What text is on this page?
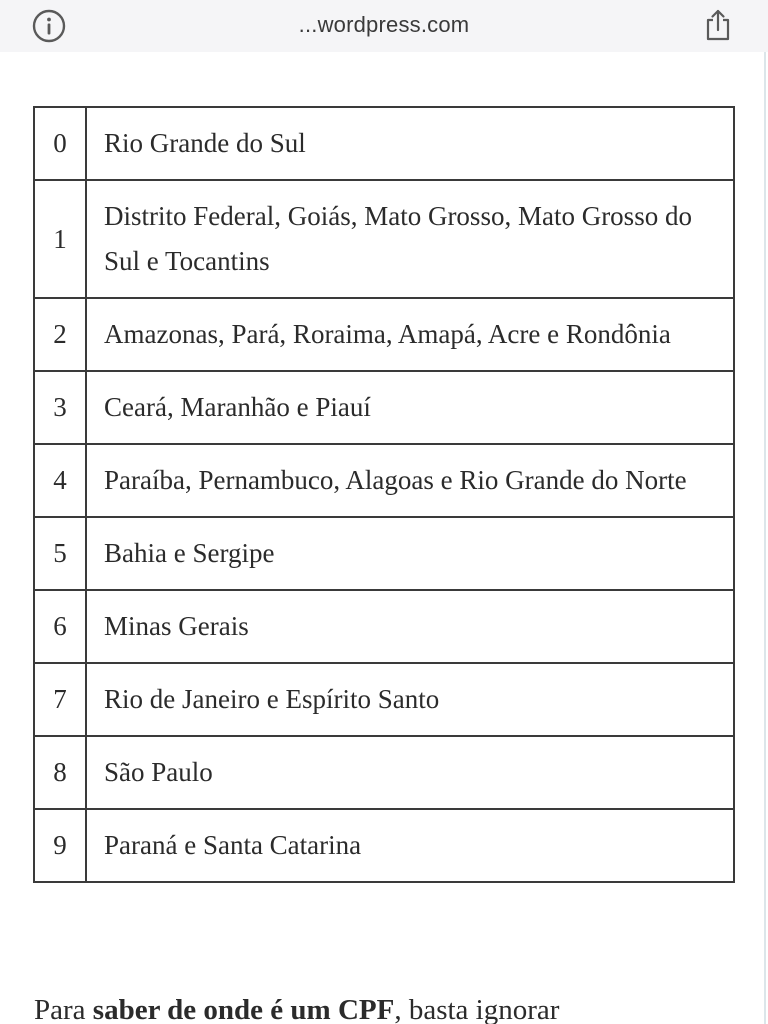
...wordpress.com
0	Rio Grande do Sul
1	Distrito Federal, Goiás, Mato Grosso, Mato Grosso do Sul e Tocantins
2	Amazonas, Pará, Roraima, Amapá, Acre e Rondônia
3	Ceará, Maranhão e Piauí
4	Paraíba, Pernambuco, Alagoas e Rio Grande do Norte
5	Bahia e Sergipe
6	Minas Gerais
7	Rio de Janeiro e Espírito Santo
8	São Paulo
9	Paraná e Santa Catarina

Para saber de onde é um CPF, basta ignorar
